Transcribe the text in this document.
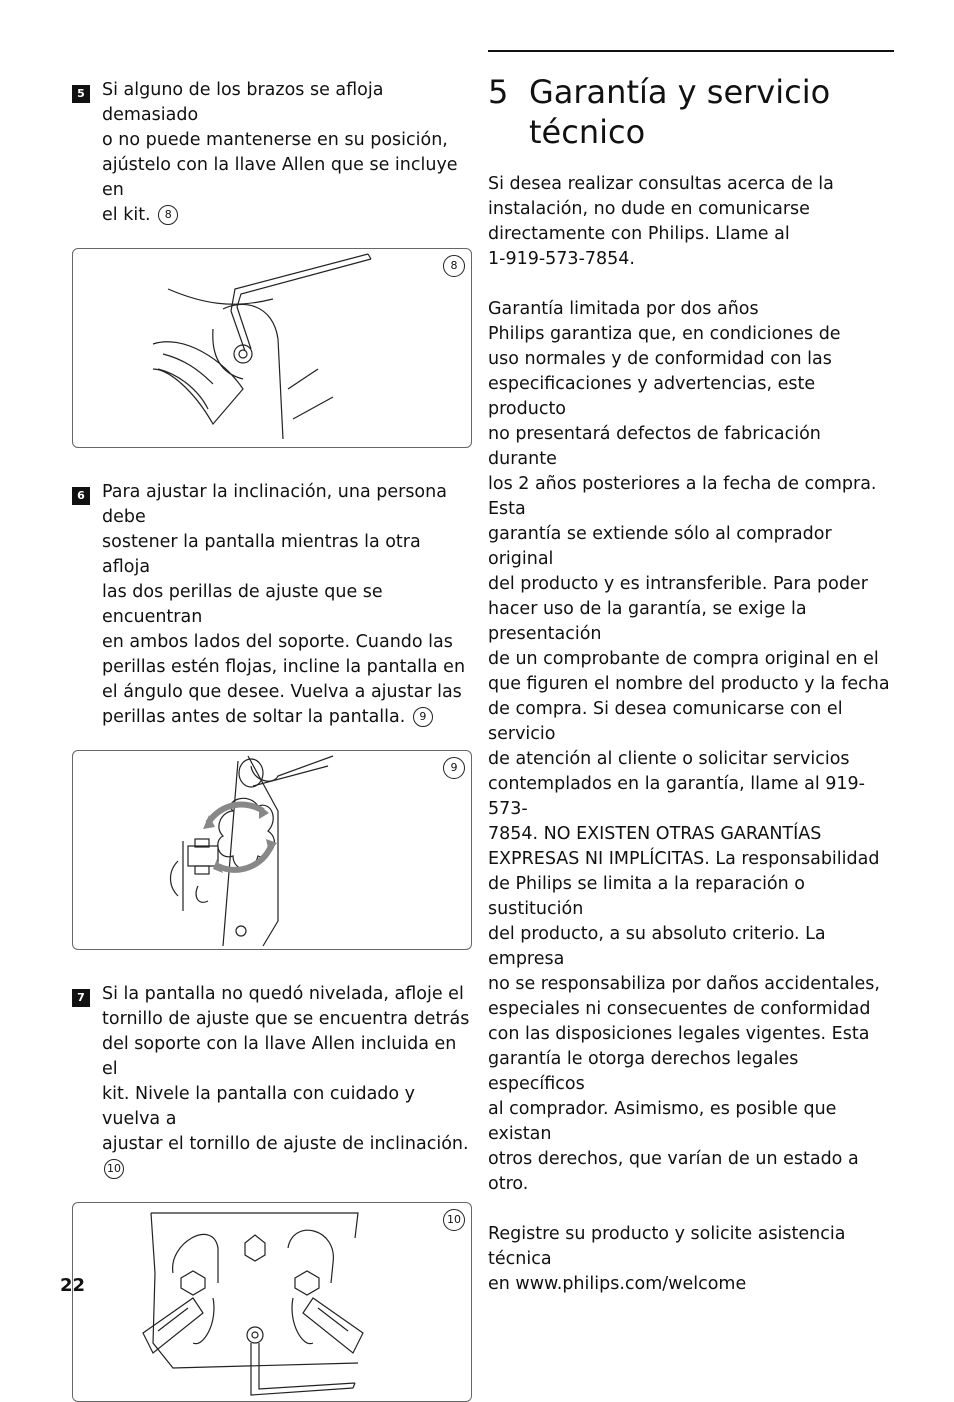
5 Si alguno de los brazos se afloja demasiado
o no puede mantenerse en su posición,
ajústelo con la llave Allen que se incluye en
el kit. 8
8
6 Para ajustar la inclinación, una persona debe
sostener la pantalla mientras la otra afloja
las dos perillas de ajuste que se encuentran
en ambos lados del soporte. Cuando las
perillas estén flojas, incline la pantalla en
el ángulo que desee. Vuelva a ajustar las
perillas antes de soltar la pantalla. 9
9
7 Si la pantalla no quedó nivelada, afloje el
tornillo de ajuste que se encuentra detrás
del soporte con la llave Allen incluida en el
kit. Nivele la pantalla con cuidado y vuelva a
ajustar el tornillo de ajuste de inclinación. 10
10
5 Garantía y servicio técnico

Si desea realizar consultas acerca de la

instalación, no dude en comunicarse

directamente con Philips. Llame al

1-919-573-7854.

Garantía limitada por dos años

Philips garantiza que, en condiciones de

uso normales y de conformidad con las

especificaciones y advertencias, este producto

no presentará defectos de fabricación durante

los 2 años posteriores a la fecha de compra. Esta

garantía se extiende sólo al comprador original

del producto y es intransferible. Para poder

hacer uso de la garantía, se exige la presentación

de un comprobante de compra original en el

que figuren el nombre del producto y la fecha

de compra. Si desea comunicarse con el servicio

de atención al cliente o solicitar servicios

contemplados en la garantía, llame al 919-573-

7854. NO EXISTEN OTRAS GARANTÍAS

EXPRESAS NI IMPLÍCITAS. La responsabilidad

de Philips se limita a la reparación o sustitución

del producto, a su absoluto criterio. La empresa

no se responsabiliza por daños accidentales,

especiales ni consecuentes de conformidad

con las disposiciones legales vigentes. Esta

garantía le otorga derechos legales específicos

al comprador. Asimismo, es posible que existan

otros derechos, que varían de un estado a otro.

Registre su producto y solicite asistencia técnica

en www.philips.com/welcome

22
